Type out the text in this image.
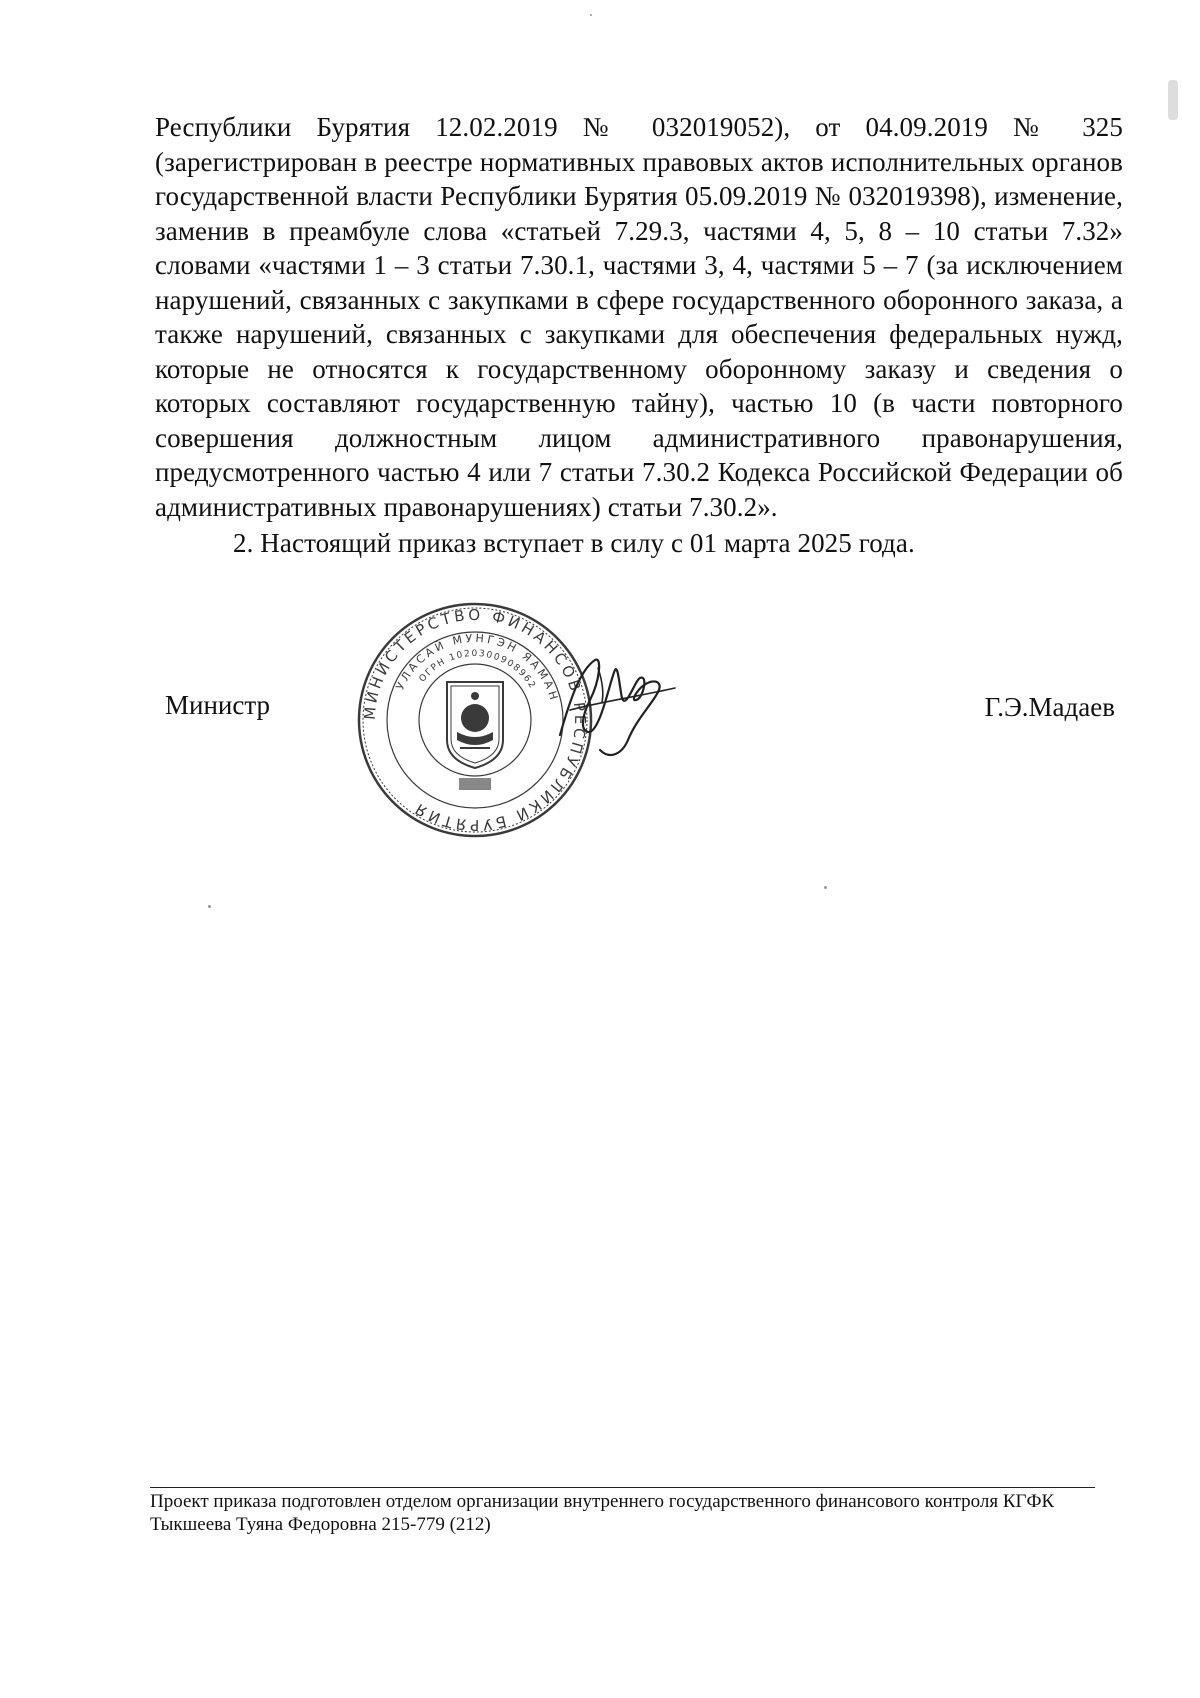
Республики Бурятия 12.02.2019 № 032019052), от 04.09.2019 № 325 (зарегистрирован в реестре нормативных правовых актов исполнительных органов государственной власти Республики Бурятия 05.09.2019 № 032019398), изменение, заменив в преамбуле слова «статьей 7.29.3, частями 4, 5, 8 – 10 статьи 7.32» словами «частями 1 – 3 статьи 7.30.1, частями 3, 4, частями 5 – 7 (за исключением нарушений, связанных с закупками в сфере государственного оборонного заказа, а также нарушений, связанных с закупками для обеспечения федеральных нужд, которые не относятся к государственному оборонному заказу и сведения о которых составляют государственную тайну), частью 10 (в части повторного совершения должностным лицом административного правонарушения, предусмотренного частью 4 или 7 статьи 7.30.2 Кодекса Российской Федерации об административных правонарушениях) статьи 7.30.2».

2. Настоящий приказ вступает в силу с 01 марта 2025 года.

МИНИСТЕРСТВО ФИНАНСОВ РЕСПУБЛИКИ БУРЯТИЯ
УЛАСАЙ МУНГЭН ЯАМАН
ОГРН 1020300908962
Министр	Г.Э.Мадаев

Проект приказа подготовлен отделом организации внутреннего государственного финансового контроля КГФК

Тыкшеева Туяна Федоровна 215-779 (212)
